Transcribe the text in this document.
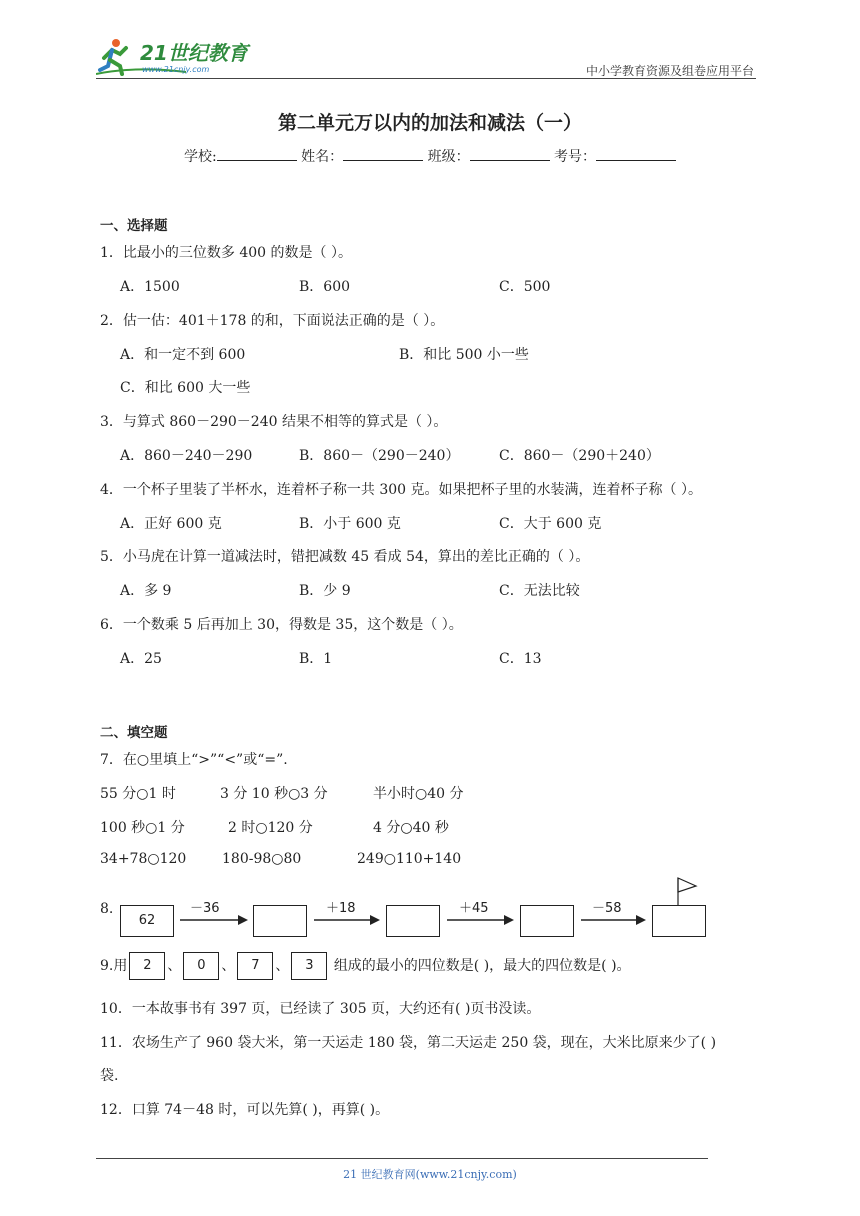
21世纪教育
www.21cnjy.com	中小学教育资源及组卷应用平台
第二单元万以内的加法和减法（一）
学校:	姓名：	班级：	考号：
一、选择题
1．比最小的三位数多 400 的数是（ ）。
A．1500	B．600	C．500
2．估一估：401＋178 的和，下面说法正确的是（ ）。
A．和一定不到 600	B．和比 500 小一些
C．和比 600 大一些
3．与算式 860－290－240 结果不相等的算式是（ ）。
A．860－240－290	B．860－（290－240）	C．860－（290＋240）
4．一个杯子里装了半杯水，连着杯子称一共 300 克。如果把杯子里的水装满，连着杯子称（ ）。
A．正好 600 克	B．小于 600 克	C．大于 600 克
5．小马虎在计算一道减法时，错把减数 45 看成 54，算出的差比正确的（ ）。
A．多 9	B．少 9	C．无法比较
6．一个数乘 5 后再加上 30，得数是 35，这个数是（ ）。
A．25	B．1	C．13
二、填空题
7．在○里填上“>”“<”或“=”.
55 分○1 时	3 分 10 秒○3 分	半小时○40 分
100 秒○1 分	2 时○120 分	4 分○40 秒
34+78○120	180-98○80	249○110+140
8.
62
－36	＋18	＋45	－58
9.用 2 、 0 、 7 、 3 组成的最小的四位数是( )，最大的四位数是( )。
10．一本故事书有 397 页，已经读了 305 页，大约还有( )页书没读。
11．农场生产了 960 袋大米，第一天运走 180 袋，第二天运走 250 袋，现在，大米比原来少了( )
袋.
12．口算 74－48 时，可以先算( )，再算( )。
21 世纪教育网(www.21cnjy.com)
